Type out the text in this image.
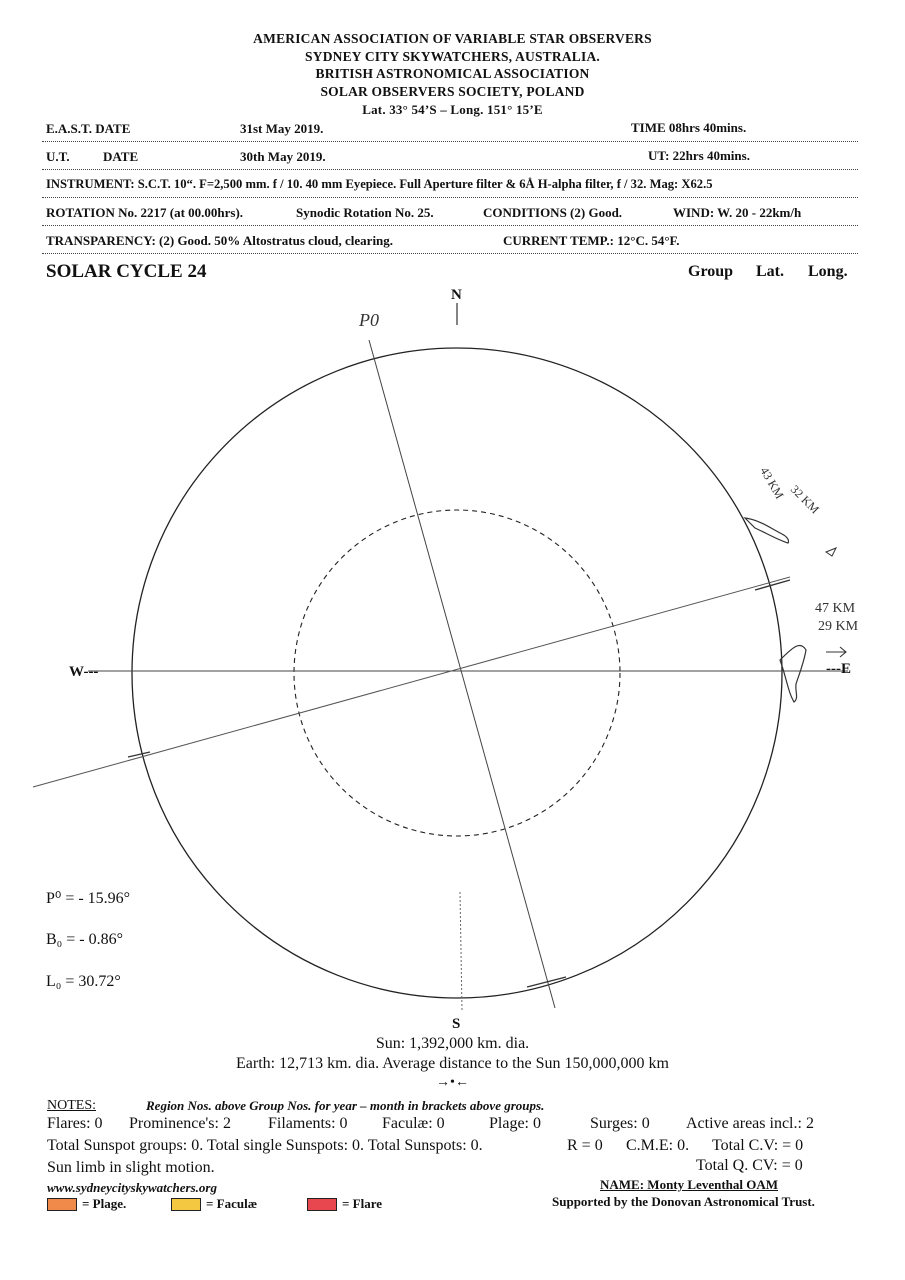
AMERICAN ASSOCIATION OF VARIABLE STAR OBSERVERS
SYDNEY CITY SKYWATCHERS, AUSTRALIA.
BRITISH ASTRONOMICAL ASSOCIATION
SOLAR OBSERVERS SOCIETY, POLAND
Lat. 33° 54’S – Long. 151° 15’E
E.A.S.T. DATE	31st May 2019.	TIME 08hrs 40mins.
U.T.	DATE	30th May 2019.	UT: 22hrs 40mins.
INSTRUMENT: S.C.T. 10“. F=2,500 mm. f / 10. 40 mm Eyepiece. Full Aperture filter & 6Å H-alpha filter, f / 32. Mag: X62.5
ROTATION No. 2217 (at 00.00hrs).	Synodic Rotation No. 25.	CONDITIONS (2) Good.	WIND: W. 20 - 22km/h
TRANSPARENCY: (2) Good. 50% Altostratus cloud, clearing.	CURRENT TEMP.: 12°C. 54°F.
SOLAR CYCLE 24	Group Lat. Long.
43 KM 32 KM
47 KM
29 KM
N
S
W---	---E
P0
P⁰ = - 15.96°
B₀ = - 0.86°
L₀ = 30.72°
Sun: 1,392,000 km. dia.
Earth: 12,713 km. dia. Average distance to the Sun 150,000,000 km
→•←
NOTES:	Region Nos. above Group Nos. for year – month in brackets above groups.
Flares: 0 Prominence's: 2 Filaments: 0 Faculæ: 0	Plage: 0	Surges: 0 Active areas incl.: 2
Total Sunspot groups: 0. Total single Sunspots: 0. Total Sunspots: 0.	R = 0 C.M.E: 0. Total C.V: = 0
Sun limb in slight motion.	Total Q. CV: = 0
www.sydneycityskywatchers.org	NAME: Monty Leventhal OAM
= Plage.	= Faculæ	= Flare	Supported by the Donovan Astronomical Trust.
